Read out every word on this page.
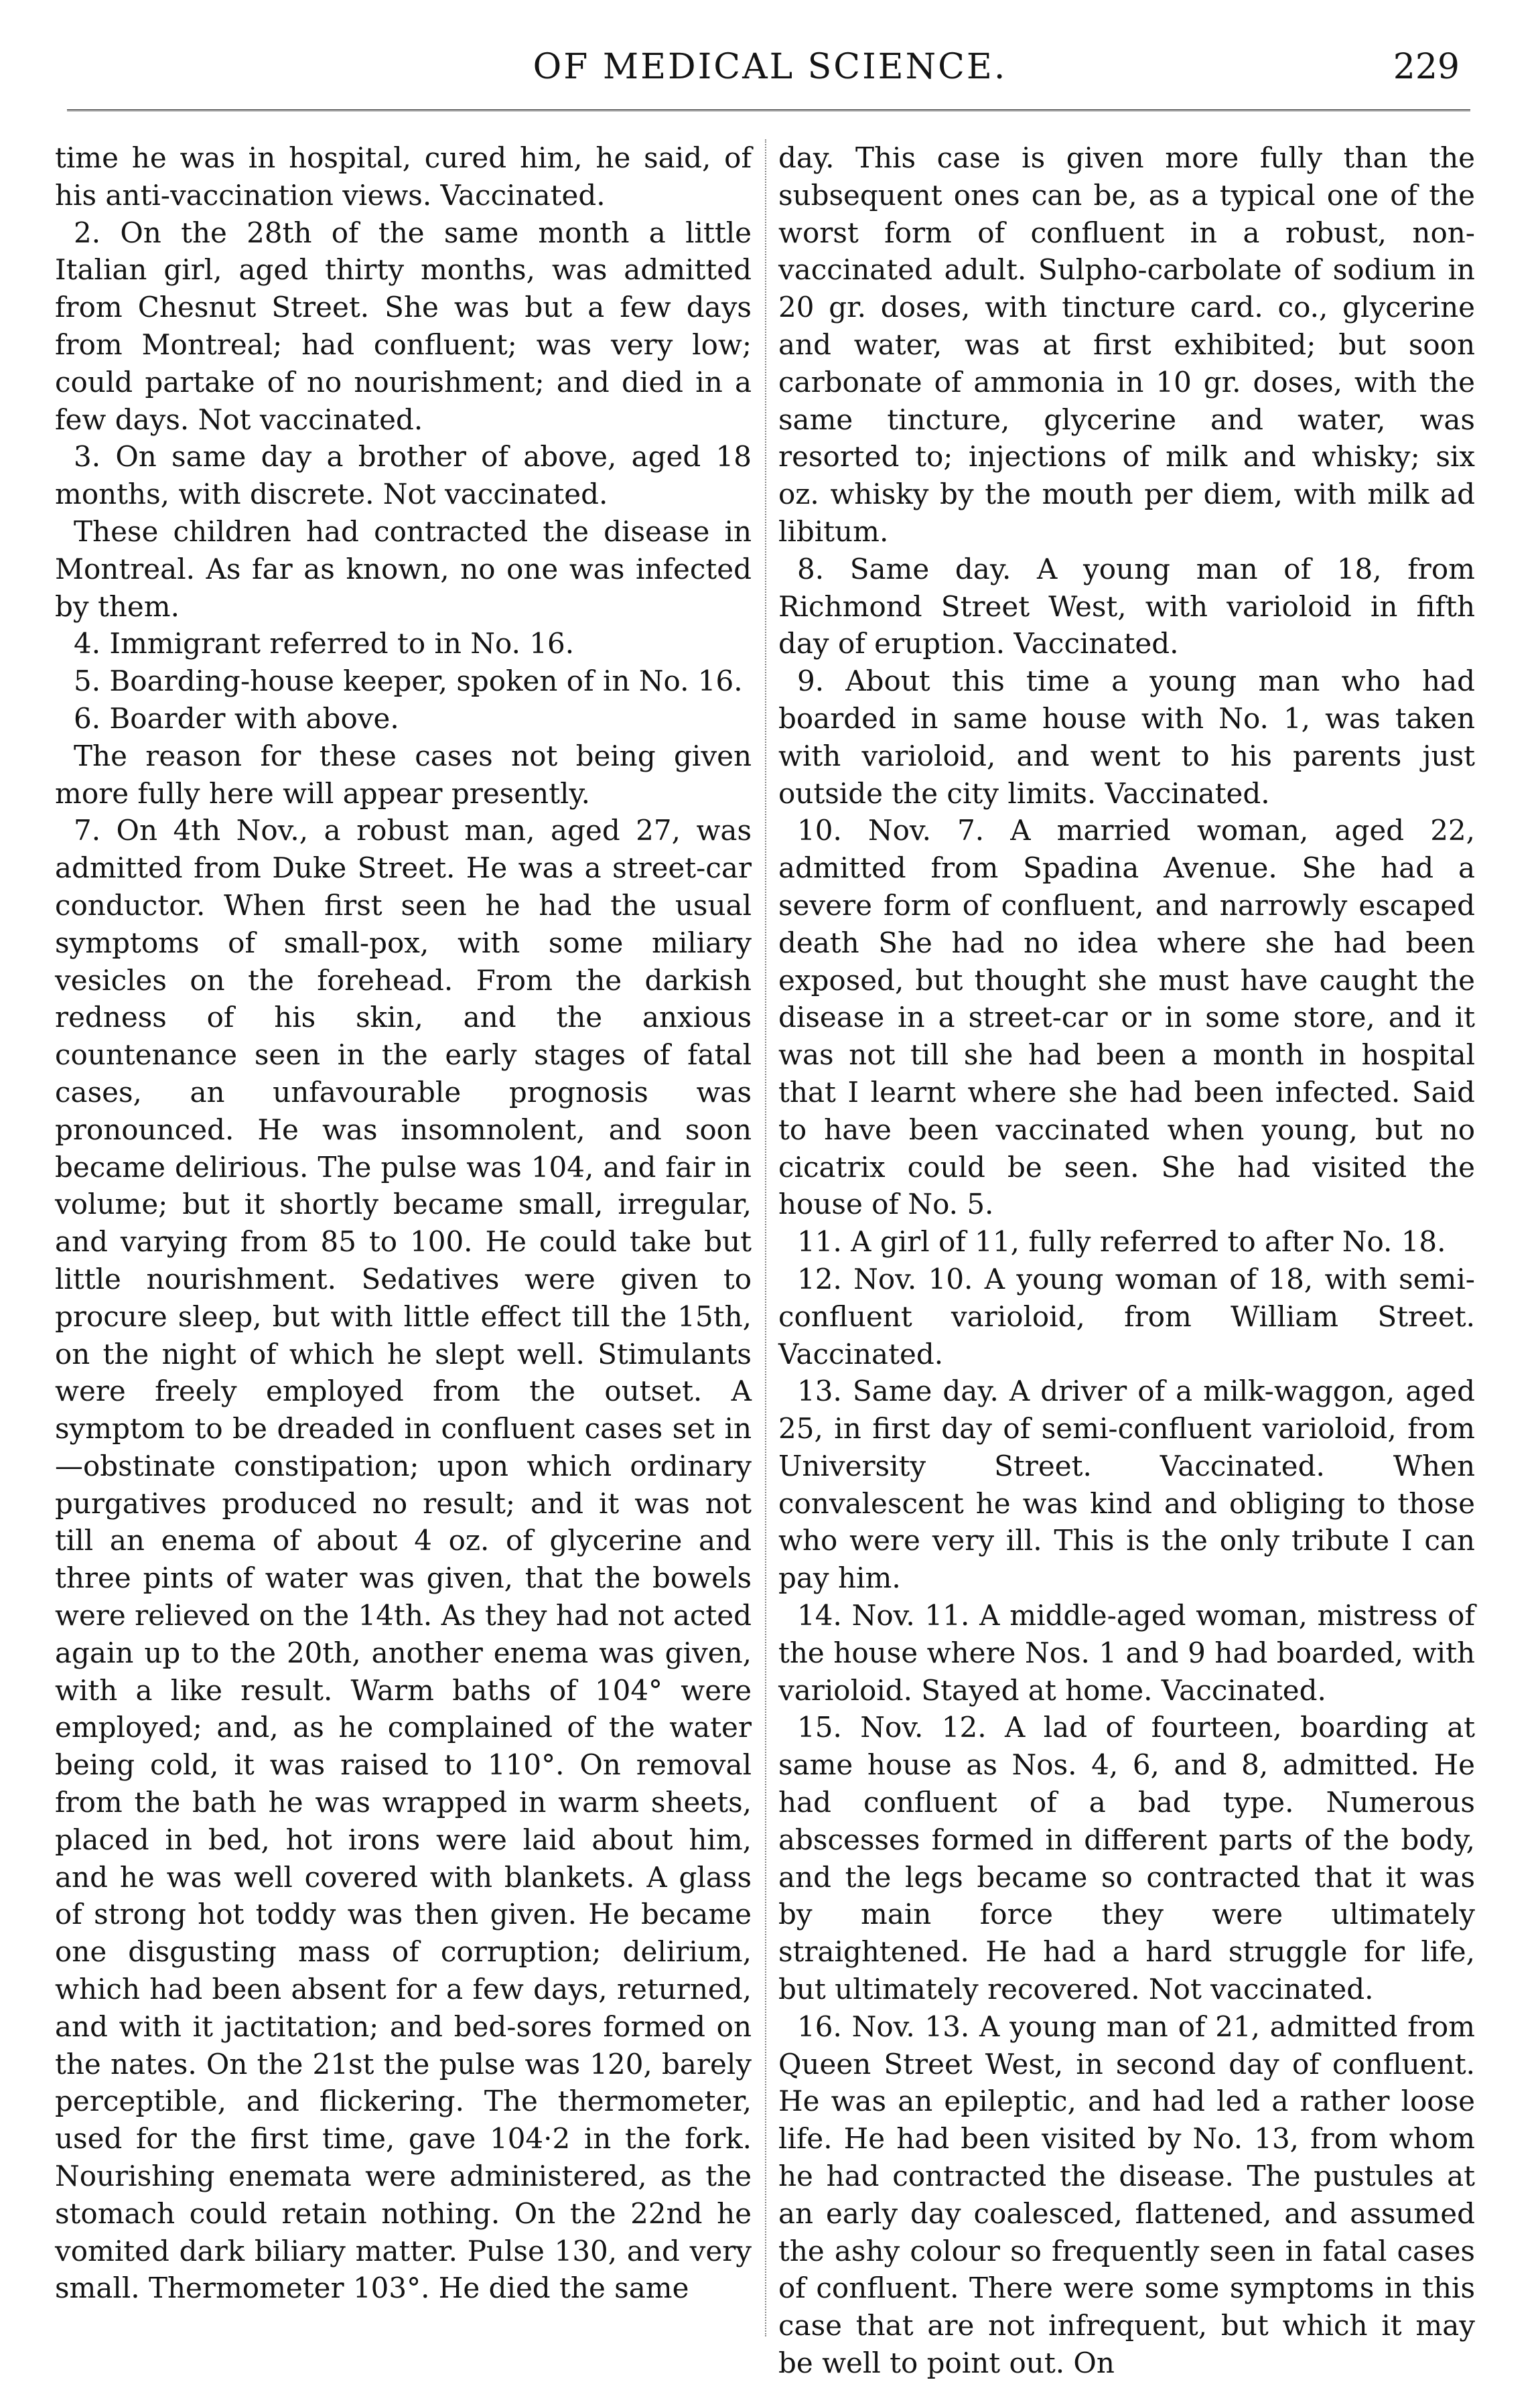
OF MEDICAL SCIENCE.	229

time he was in hospital, cured him, he said, of his anti-vaccination views. Vaccinated.

2. On the 28th of the same month a little Italian girl, aged thirty months, was admitted from Chesnut Street. She was but a few days from Montreal; had confluent; was very low; could partake of no nourishment; and died in a few days. Not vaccinated.

3. On same day a brother of above, aged 18 months, with discrete. Not vaccinated.

These children had contracted the disease in Montreal. As far as known, no one was infected by them.

4. Immigrant referred to in No. 16.

5. Boarding-house keeper, spoken of in No. 16.

6. Boarder with above.

The reason for these cases not being given more fully here will appear presently.

7. On 4th Nov., a robust man, aged 27, was admitted from Duke Street. He was a street-car conductor. When first seen he had the usual symptoms of small-pox, with some miliary vesicles on the forehead. From the darkish redness of his skin, and the anxious countenance seen in the early stages of fatal cases, an unfavourable prognosis was pronounced. He was insomnolent, and soon became delirious. The pulse was 104, and fair in volume; but it shortly became small, irregular, and varying from 85 to 100. He could take but little nourishment. Sedatives were given to procure sleep, but with little effect till the 15th, on the night of which he slept well. Stimulants were freely employed from the outset. A symptom to be dreaded in confluent cases set in—obstinate constipation; upon which ordinary purgatives produced no result; and it was not till an enema of about 4 oz. of glycerine and three pints of water was given, that the bowels were relieved on the 14th. As they had not acted again up to the 20th, another enema was given, with a like result. Warm baths of 104° were employed; and, as he complained of the water being cold, it was raised to 110°. On removal from the bath he was wrapped in warm sheets, placed in bed, hot irons were laid about him, and he was well covered with blankets. A glass of strong hot toddy was then given. He became one disgusting mass of corruption; delirium, which had been absent for a few days, returned, and with it jactitation; and bed-sores formed on the nates. On the 21st the pulse was 120, barely perceptible, and flickering. The thermometer, used for the first time, gave 104·2 in the fork. Nourishing enemata were administered, as the stomach could retain nothing. On the 22nd he vomited dark biliary matter. Pulse 130, and very small. Thermometer 103°. He died the same

day. This case is given more fully than the subsequent ones can be, as a typical one of the worst form of confluent in a robust, non-vaccinated adult. Sulpho-carbolate of sodium in 20 gr. doses, with tincture card. co., glycerine and water, was at first exhibited; but soon carbonate of ammonia in 10 gr. doses, with the same tincture, glycerine and water, was resorted to; injections of milk and whisky; six oz. whisky by the mouth per diem, with milk ad libitum.

8. Same day. A young man of 18, from Richmond Street West, with varioloid in fifth day of eruption. Vaccinated.

9. About this time a young man who had boarded in same house with No. 1, was taken with varioloid, and went to his parents just outside the city limits. Vaccinated.

10. Nov. 7. A married woman, aged 22, admitted from Spadina Avenue. She had a severe form of confluent, and narrowly escaped death She had no idea where she had been exposed, but thought she must have caught the disease in a street-car or in some store, and it was not till she had been a month in hospital that I learnt where she had been infected. Said to have been vaccinated when young, but no cicatrix could be seen. She had visited the house of No. 5.

11. A girl of 11, fully referred to after No. 18.

12. Nov. 10. A young woman of 18, with semi-confluent varioloid, from William Street. Vaccinated.

13. Same day. A driver of a milk-waggon, aged 25, in first day of semi-confluent varioloid, from University Street. Vaccinated. When convalescent he was kind and obliging to those who were very ill. This is the only tribute I can pay him.

14. Nov. 11. A middle-aged woman, mistress of the house where Nos. 1 and 9 had boarded, with varioloid. Stayed at home. Vaccinated.

15. Nov. 12. A lad of fourteen, boarding at same house as Nos. 4, 6, and 8, admitted. He had confluent of a bad type. Numerous abscesses formed in different parts of the body, and the legs became so contracted that it was by main force they were ultimately straightened. He had a hard struggle for life, but ultimately recovered. Not vaccinated.

16. Nov. 13. A young man of 21, admitted from Queen Street West, in second day of confluent. He was an epileptic, and had led a rather loose life. He had been visited by No. 13, from whom he had contracted the disease. The pustules at an early day coalesced, flattened, and assumed the ashy colour so frequently seen in fatal cases of confluent. There were some symptoms in this case that are not infrequent, but which it may be well to point out. On
